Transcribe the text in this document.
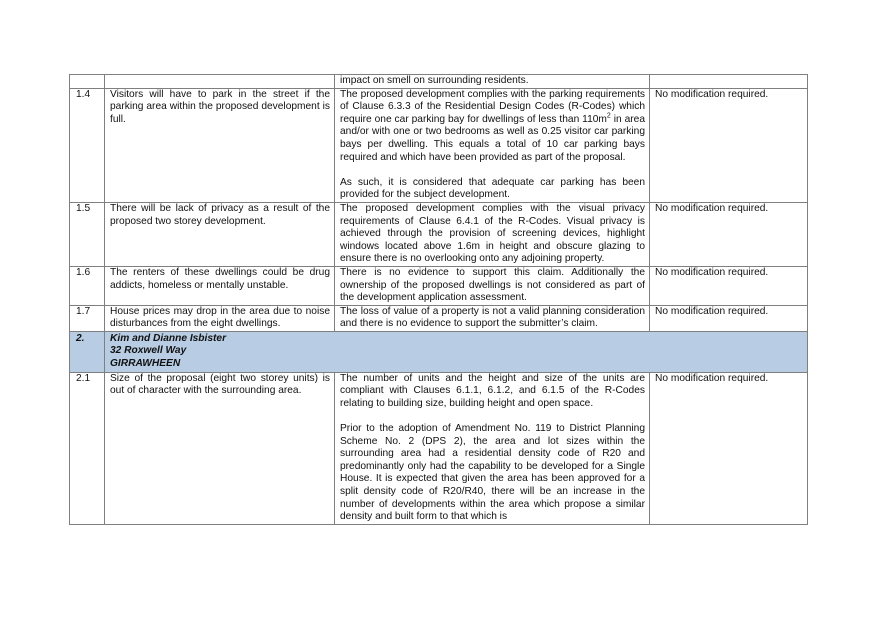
		impact on smell on surrounding residents.	
1.4	Visitors will have to park in the street if the parking area within the proposed development is full.	The proposed development complies with the parking requirements of Clause 6.3.3 of the Residential Design Codes (R-Codes) which require one car parking bay for dwellings of less than $110m^2$ in area and/or with one or two bedrooms as well as 0.25 visitor car parking bays per dwelling. This equals a total of 10 car parking bays required and which have been provided as part of the proposal.

As such, it is considered that adequate car parking has been provided for the subject development.	No modification required.
1.5	There will be lack of privacy as a result of the proposed two storey development.	The proposed development complies with the visual privacy requirements of Clause 6.4.1 of the R-Codes. Visual privacy is achieved through the provision of screening devices, highlight windows located above 1.6m in height and obscure glazing to ensure there is no overlooking onto any adjoining property.	No modification required.
1.6	The renters of these dwellings could be drug addicts, homeless or mentally unstable.	There is no evidence to support this claim. Additionally the ownership of the proposed dwellings is not considered as part of the development application assessment.	No modification required.
1.7	House prices may drop in the area due to noise disturbances from the eight dwellings.	The loss of value of a property is not a valid planning consideration and there is no evidence to support the submitter’s claim.	No modification required.
2.	Kim and Dianne Isbister
32 Roxwell Way
GIRRAWHEEN		

2.1	Size of the proposal (eight two storey units) is out of character with the surrounding area.	The number of units and the height and size of the units are compliant with Clauses 6.1.1, 6.1.2, and 6.1.5 of the R-Codes relating to building size, building height and open space.

Prior to the adoption of Amendment No. 119 to District Planning Scheme No. 2 (DPS 2), the area and lot sizes within the surrounding area had a residential density code of R20 and predominantly only had the capability to be developed for a Single House. It is expected that given the area has been approved for a split density code of R20/R40, there will be an increase in the number of developments within the area which propose a similar density and built form to that which is	No modification required.
